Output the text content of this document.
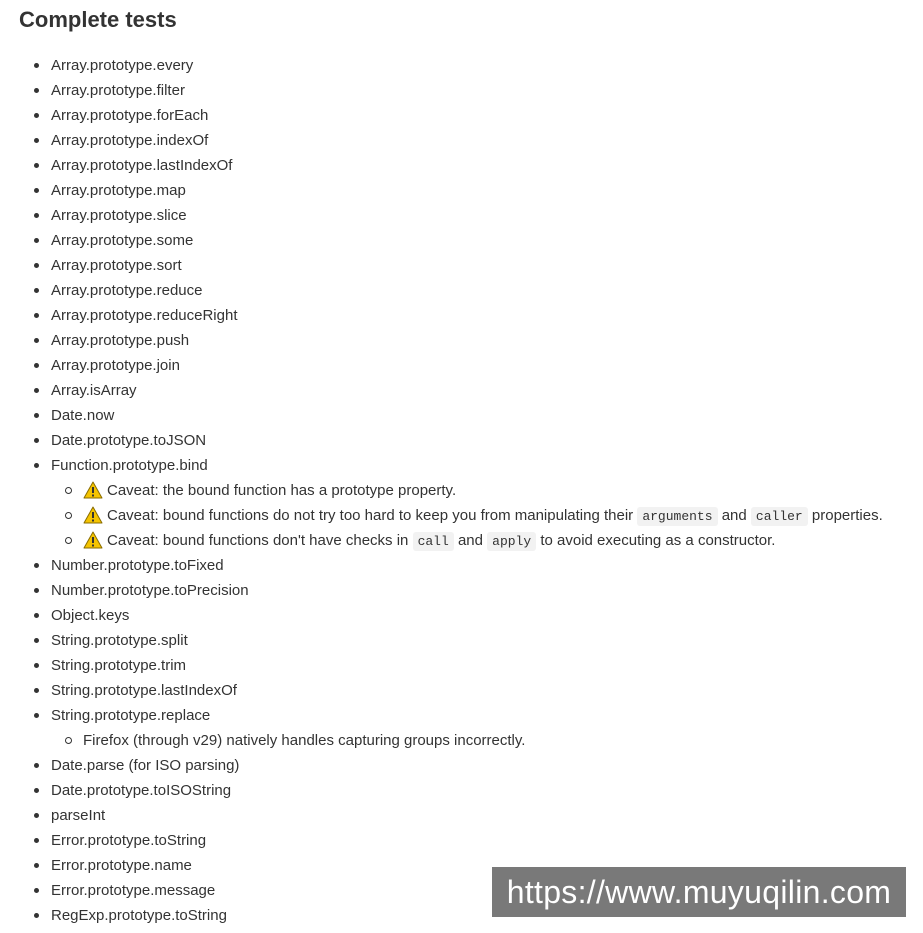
Complete tests
Array.prototype.every
Array.prototype.filter
Array.prototype.forEach
Array.prototype.indexOf
Array.prototype.lastIndexOf
Array.prototype.map
Array.prototype.slice
Array.prototype.some
Array.prototype.sort
Array.prototype.reduce
Array.prototype.reduceRight
Array.prototype.push
Array.prototype.join
Array.isArray
Date.now
Date.prototype.toJSON
Function.prototype.bind
Caveat: the bound function has a prototype property.
Caveat: bound functions do not try too hard to keep you from manipulating their arguments and caller properties.
Caveat: bound functions don't have checks in call and apply to avoid executing as a constructor.
Number.prototype.toFixed
Number.prototype.toPrecision
Object.keys
String.prototype.split
String.prototype.trim
String.prototype.lastIndexOf
String.prototype.replace
Firefox (through v29) natively handles capturing groups incorrectly.
Date.parse (for ISO parsing)
Date.prototype.toISOString
parseInt
Error.prototype.toString
Error.prototype.name
Error.prototype.message
RegExp.prototype.toString
https://www.muyuqilin.com
